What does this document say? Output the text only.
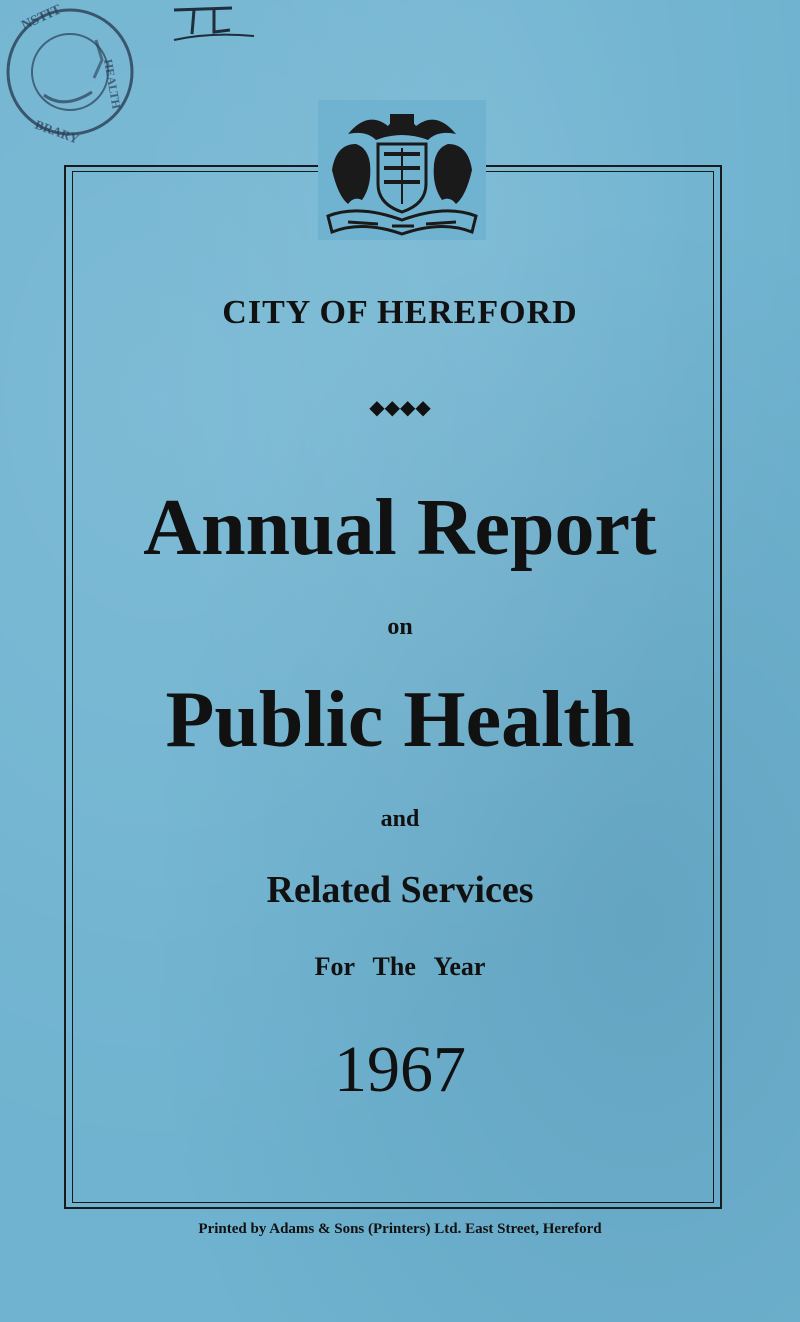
NSTIT
HEALTH
BRARY
CITY OF HEREFORD
◆◆◆◆
Annual Report
on
Public Health
and
Related Services
For The Year
1967
Printed by Adams & Sons (Printers) Ltd. East Street, Hereford
